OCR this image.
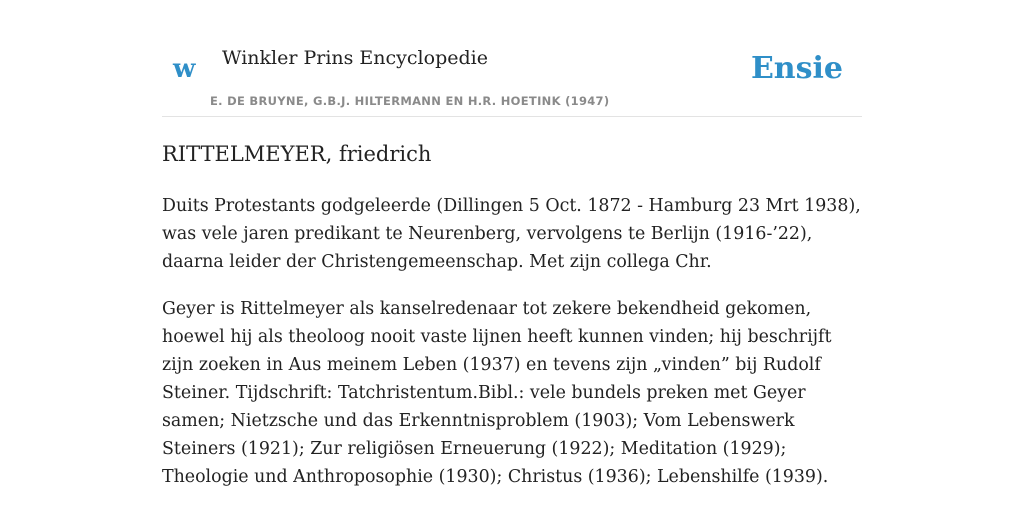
w Winkler Prins Encyclopedie
E. DE BRUYNE, G.B.J. HILTERMANN EN H.R. HOETINK (1947)
Ensie
RITTELMEYER, friedrich

Duits Protestants godgeleerde (Dillingen 5 Oct. 1872 - Hamburg 23 Mrt 1938), was vele jaren predikant te Neurenberg, vervolgens te Berlijn (1916-’22), daarna leider der Christengemeenschap. Met zijn collega Chr.

Geyer is Rittelmeyer als kanselredenaar tot zekere bekendheid gekomen, hoewel hij als theoloog nooit vaste lijnen heeft kunnen vinden; hij beschrijft zijn zoeken in Aus meinem Leben (1937) en tevens zijn „vinden” bij Rudolf Steiner. Tijdschrift: Tatchristentum.Bibl.: vele bundels preken met Geyer samen; Nietzsche und das Erkenntnisproblem (1903); Vom Lebenswerk Steiners (1921); Zur religiösen Erneuerung (1922); Meditation (1929); Theologie und Anthroposophie (1930); Christus (1936); Lebenshilfe (1939).
